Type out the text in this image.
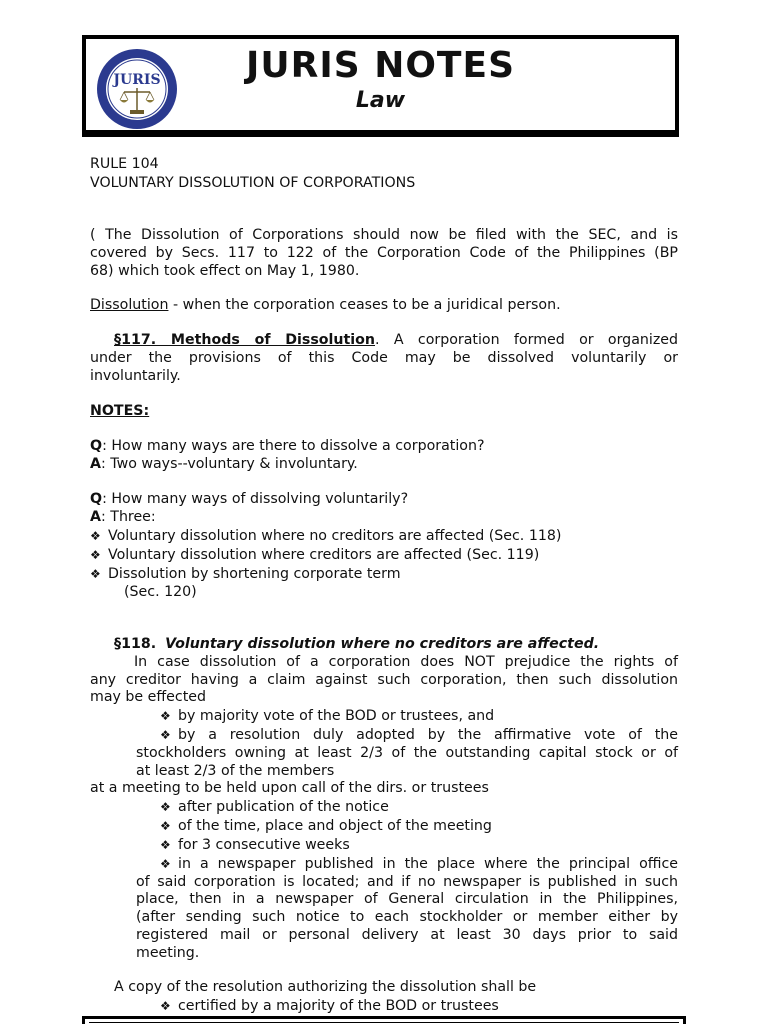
JURIS	JURIS NOTES
Law
RULE 104
VOLUNTARY DISSOLUTION OF CORPORATIONS
( The Dissolution of Corporations should now be filed with the SEC, and is
covered by Secs. 117 to 122 of the Corporation Code of the Philippines (BP
68) which took effect on May 1, 1980.
Dissolution - when the corporation ceases to be a juridical person.
§117. Methods of Dissolution. A corporation formed or organized
under the provisions of this Code may be dissolved voluntarily or
involuntarily.
NOTES:
Q: How many ways are there to dissolve a corporation?
A: Two ways--voluntary & involuntary.
Q: How many ways of dissolving voluntarily?
A: Three:
❖ Voluntary dissolution where no creditors are affected (Sec. 118)
❖ Voluntary dissolution where creditors are affected (Sec. 119)
❖ Dissolution by shortening corporate term
(Sec. 120)
§118. Voluntary dissolution where no creditors are affected.
In case dissolution of a corporation does NOT prejudice the rights of
any creditor having a claim against such corporation, then such dissolution
may be effected
❖ by majority vote of the BOD or trustees, and
❖ by a resolution duly adopted by the affirmative vote of the
stockholders owning at least 2/3 of the outstanding capital stock or of
at least 2/3 of the members
at a meeting to be held upon call of the dirs. or trustees
❖ after publication of the notice
❖ of the time, place and object of the meeting
❖ for 3 consecutive weeks
❖ in a newspaper published in the place where the principal office
of said corporation is located; and if no newspaper is published in such
place, then in a newspaper of General circulation in the Philippines,
(after sending such notice to each stockholder or member either by
registered mail or personal delivery at least 30 days prior to said
meeting.
A copy of the resolution authorizing the dissolution shall be
❖ certified by a majority of the BOD or trustees
